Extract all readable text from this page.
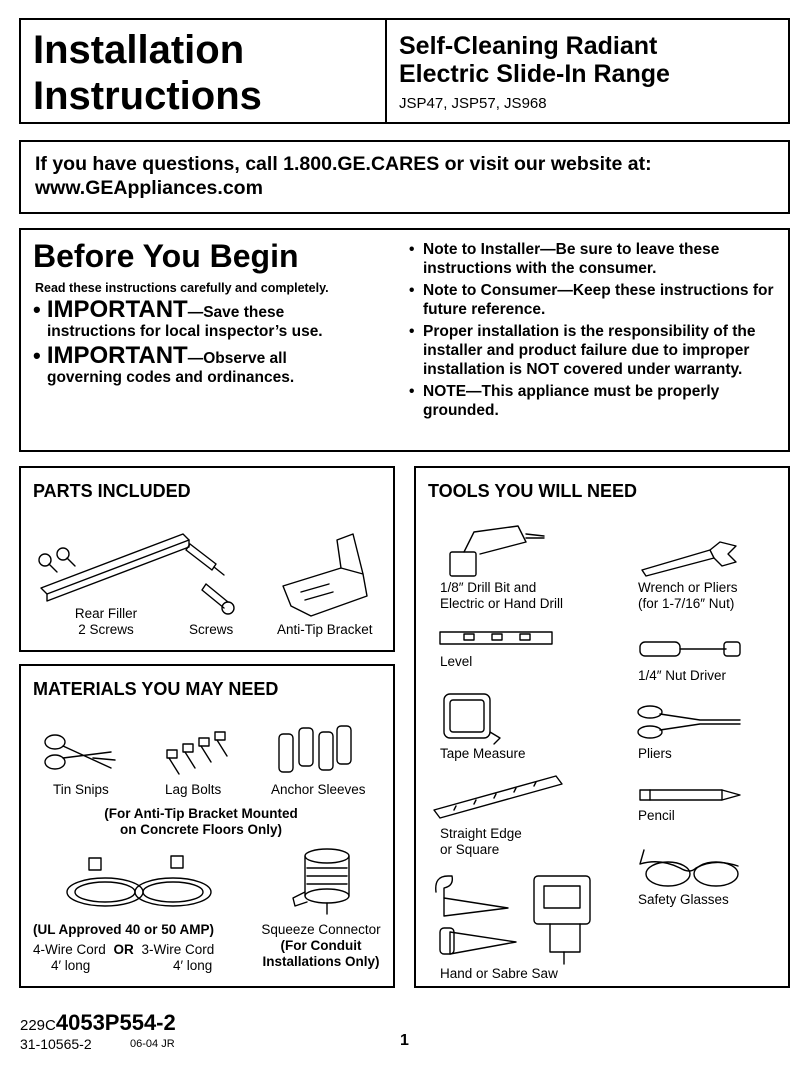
Installation
Instructions
Self-Cleaning Radiant
Electric Slide-In Range
JSP47, JSP57, JS968
If you have questions, call 1.800.GE.CARES or visit our website at:
www.GEAppliances.com
Before You Begin
Read these instructions carefully and completely.
• IMPORTANT—Save these
instructions for local inspector’s use.
• IMPORTANT—Observe all
governing codes and ordinances.
• Note to Installer—Be sure to leave these instructions with the consumer.
• Note to Consumer—Keep these instructions for future reference.
• Proper installation is the responsibility of the installer and product failure due to improper installation is NOT covered under warranty.
• NOTE—This appliance must be properly grounded.
PARTS INCLUDED
Rear Filler
2 Screws	Screws	Anti-Tip Bracket
MATERIALS YOU MAY NEED
Tin Snips	Lag Bolts	Anchor Sleeves
(For Anti-Tip Bracket Mounted
on Concrete Floors Only)
(UL Approved 40 or 50 AMP)
4-Wire Cord OR 3-Wire Cord
4′ long	4′ long
Squeeze Connector
(For Conduit
Installations Only)
TOOLS YOU WILL NEED
1/8″ Drill Bit and
Electric or Hand Drill
Wrench or Pliers
(for 1-7/16″ Nut)
Level
1/4″ Nut Driver
Tape Measure	Pliers
Pencil
Straight Edge
or Square
Safety Glasses
Hand or Sabre Saw
229C4053P554-2
31-10565-2	06-04 JR	1
